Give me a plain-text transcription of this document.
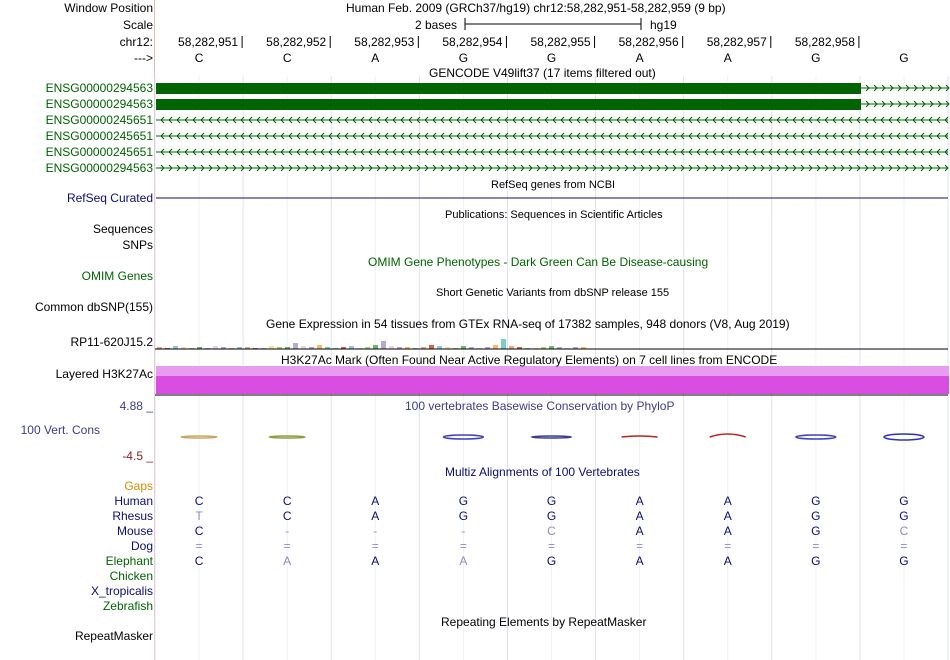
Window Position	Human Feb. 2009 (GRCh37/hg19) chr12:58,282,951-58,282,959 (9 bp)
Scale	2 bases	hg19
chr12: 58,282,951 58,282,952 58,282,953 58,282,954 58,282,955 58,282,956 58,282,957 58,282,958
--->	C	C	A	G	G	A	A	G	G
GENCODE V49lift37 (17 items filtered out)
ENSG00000294563
ENSG00000294563
ENSG00000245651
ENSG00000245651
ENSG00000245651
ENSG00000294563
RefSeq genes from NCBI
RefSeq Curated
Publications: Sequences in Scientific Articles
Sequences
SNPs
OMIM Gene Phenotypes - Dark Green Can Be Disease-causing
OMIM Genes
Short Genetic Variants from dbSNP release 155
Common dbSNP(155)
Gene Expression in 54 tissues from GTEx RNA-seq of 17382 samples, 948 donors (V8, Aug 2019)
RP11-620J15.2
H3K27Ac Mark (Often Found Near Active Regulatory Elements) on 7 cell lines from ENCODE
Layered H3K27Ac
100 vertebrates Basewise Conservation by PhyloP
4.88 _
100 Vert. Cons
-4.5 _
Multiz Alignments of 100 Vertebrates
Gaps
Human	C	C	A	G	G	A	A	G	G
Rhesus	T	C	A	G	G	A	A	G	G
Mouse	C	-	-	-	C	A	A	G	C
Dog	=	=	=	=	=	=	=	=	=
Elephant	C	A	A	A	G	A	A	G	G
Chicken
X_tropicalis
Zebrafish
Repeating Elements by RepeatMasker
RepeatMasker
